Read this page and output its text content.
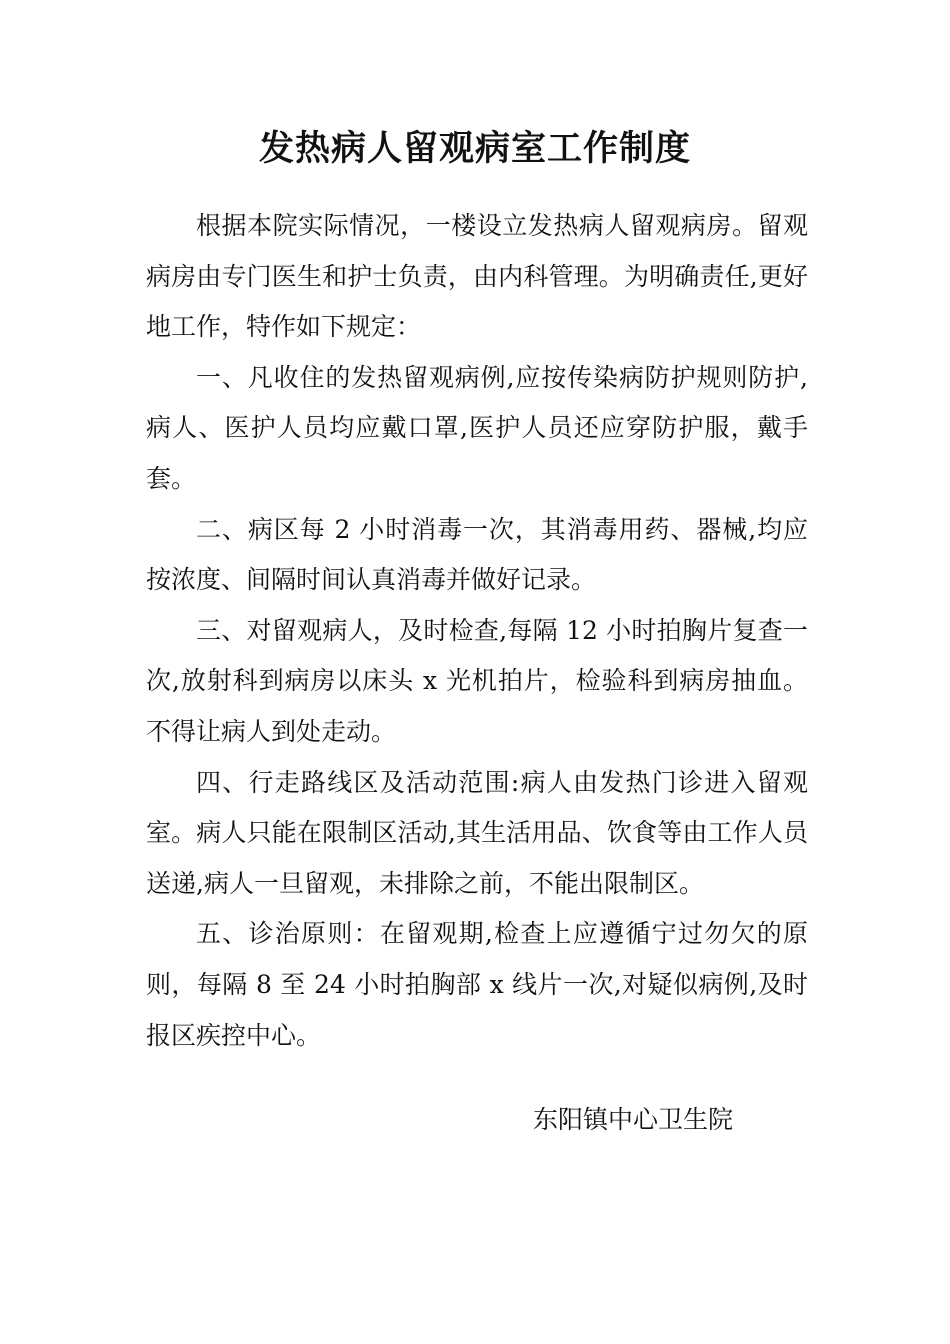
发热病人留观病室工作制度

根据本院实际情况，一楼设立发热病人留观病房。留观病房由专门医生和护士负责，由内科管理。为明确责任,更好地工作，特作如下规定：

一、凡收住的发热留观病例,应按传染病防护规则防护,病人、医护人员均应戴口罩,医护人员还应穿防护服，戴手套。

二、病区每 2 小时消毒一次，其消毒用药、器械,均应按浓度、间隔时间认真消毒并做好记录。

三、对留观病人，及时检查,每隔 12 小时拍胸片复查一次,放射科到病房以床头 x 光机拍片，检验科到病房抽血。不得让病人到处走动。

四、行走路线区及活动范围:病人由发热门诊进入留观室。病人只能在限制区活动,其生活用品、饮食等由工作人员送递,病人一旦留观，未排除之前，不能出限制区。

五、诊治原则：在留观期,检查上应遵循宁过勿欠的原则，每隔 8 至 24 小时拍胸部 x 线片一次,对疑似病例,及时报区疾控中心。

东阳镇中心卫生院
